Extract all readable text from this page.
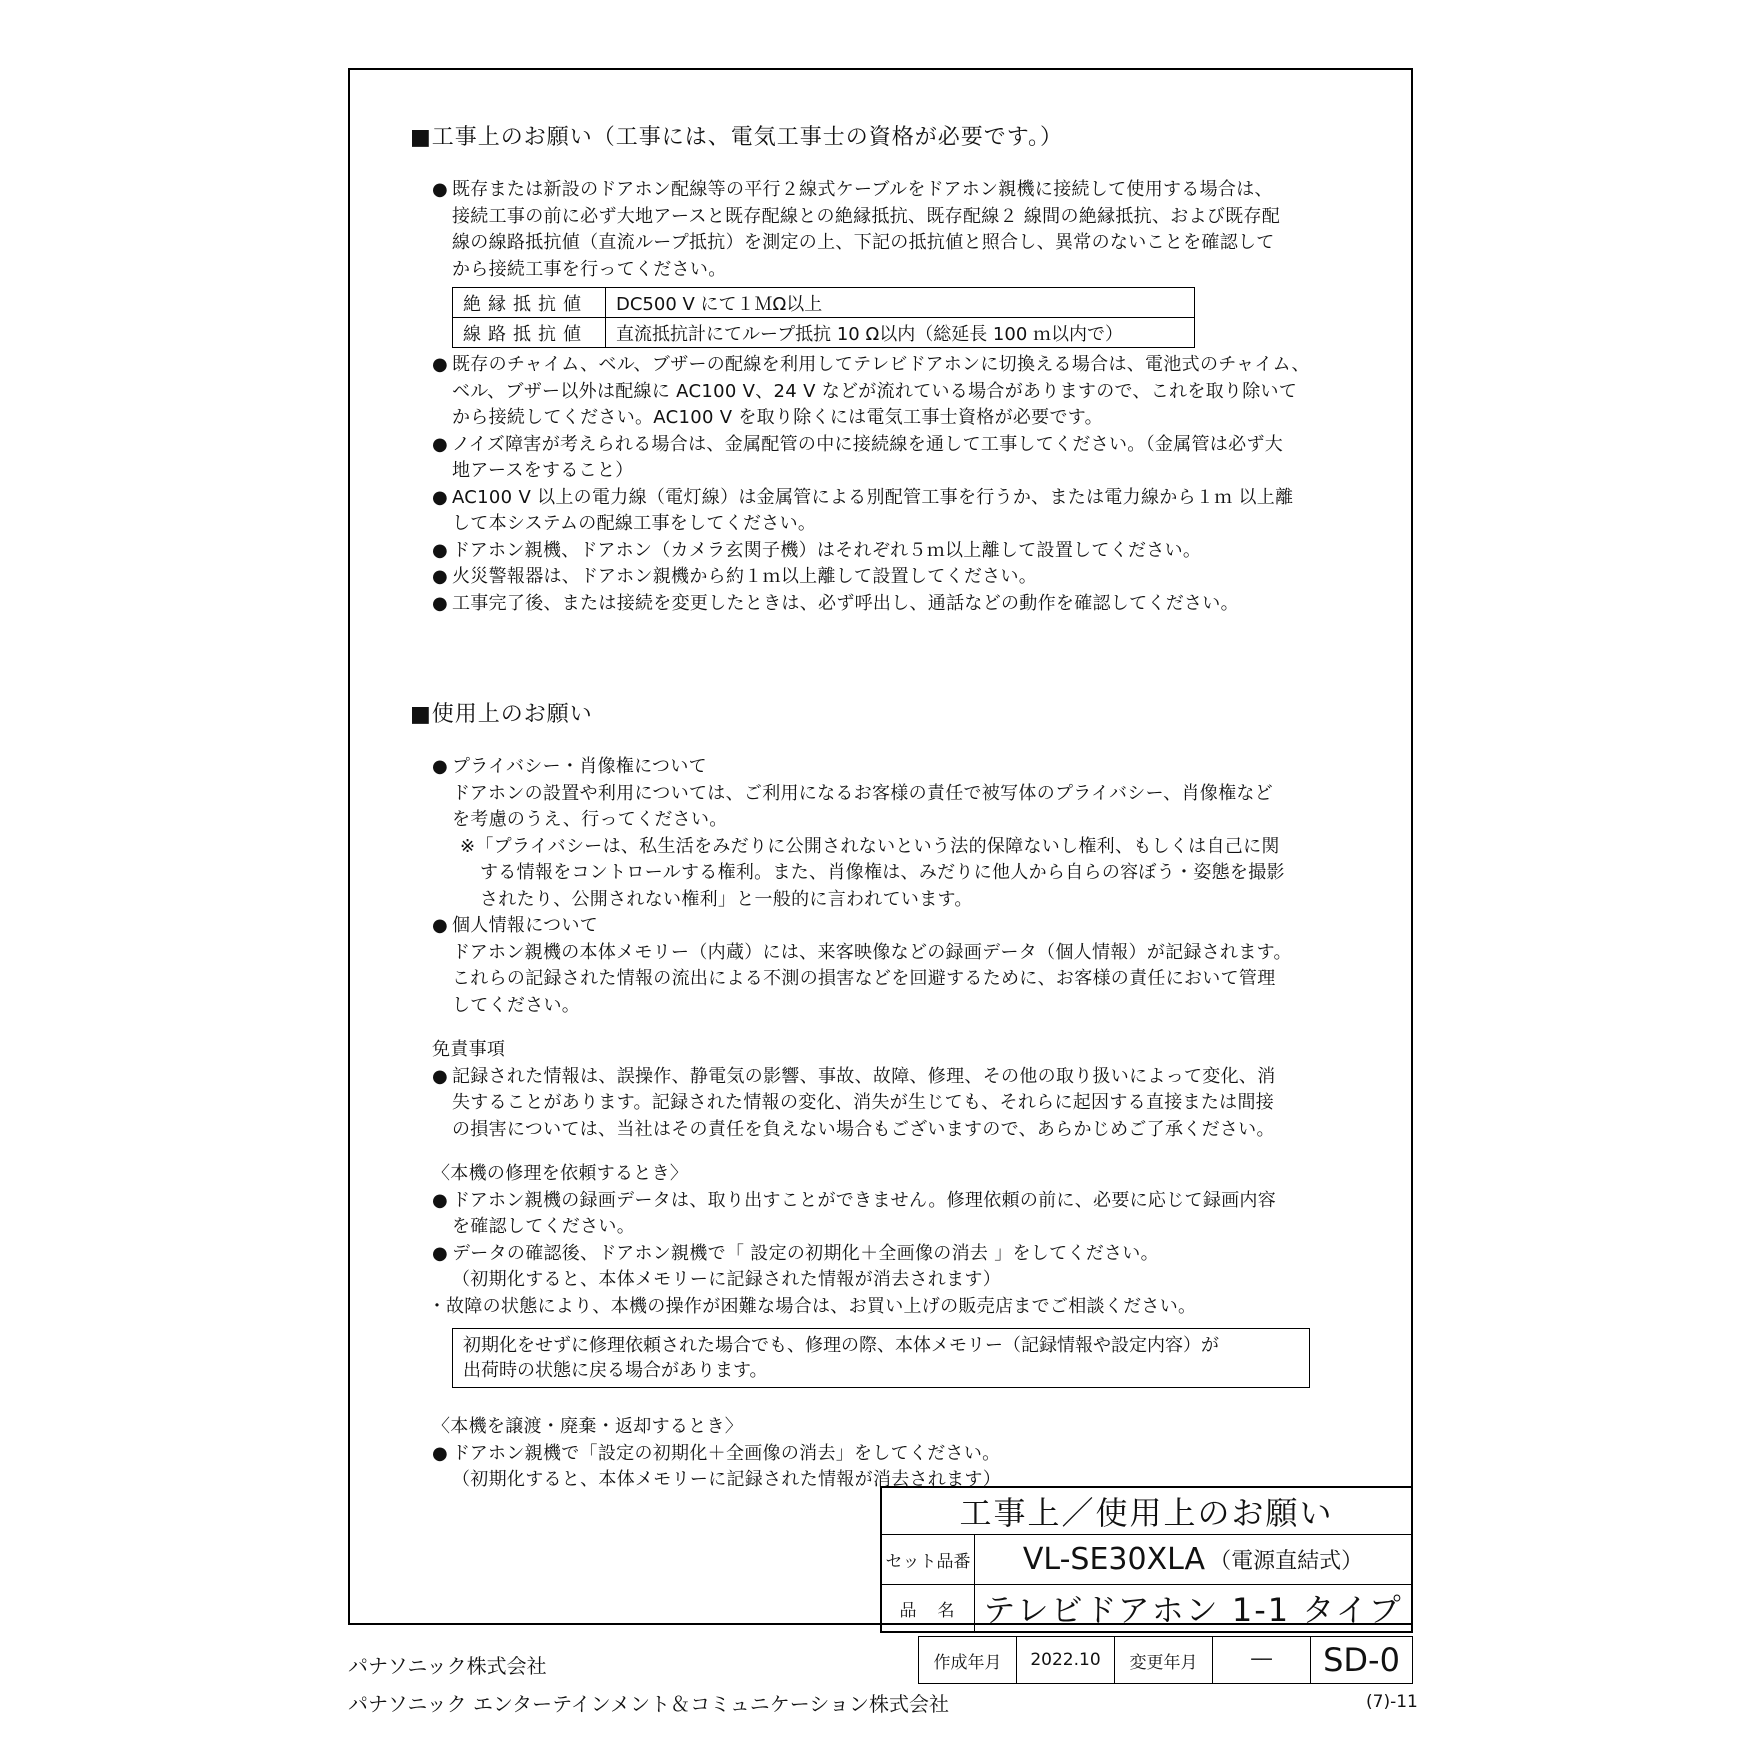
■工事上のお願い（工事には、電気工事士の資格が必要です。）
● 既存または新設のドアホン配線等の平行２線式ケーブルをドアホン親機に接続して使用する場合は、
接続工事の前に必ず大地アースと既存配線との絶縁抵抗、既存配線２ 線間の絶縁抵抗、および既存配
線の線路抵抗値（直流ループ抵抗）を測定の上、下記の抵抗値と照合し、異常のないことを確認して
から接続工事を行ってください。
絶縁抵抗値	DC500 V にて１ＭΩ以上
線路抵抗値	直流抵抗計にてループ抵抗 10 Ω以内（総延長 100 ｍ以内で）
● 既存のチャイム、ベル、ブザーの配線を利用してテレビドアホンに切換える場合は、電池式のチャイム、
ベル、ブザー以外は配線に AC100 V、24 V などが流れている場合がありますので、これを取り除いて
から接続してください。AC100 V を取り除くには電気工事士資格が必要です。
● ノイズ障害が考えられる場合は、金属配管の中に接続線を通して工事してください。（金属管は必ず大
地アースをすること）
● AC100 V 以上の電力線（電灯線）は金属管による別配管工事を行うか、または電力線から１ｍ 以上離
して本システムの配線工事をしてください。
● ドアホン親機、ドアホン（カメラ玄関子機）はそれぞれ５ｍ以上離して設置してください。
● 火災警報器は、ドアホン親機から約１ｍ以上離して設置してください。
● 工事完了後、または接続を変更したときは、必ず呼出し、通話などの動作を確認してください。
■使用上のお願い
● プライバシー・肖像権について
ドアホンの設置や利用については、ご利用になるお客様の責任で被写体のプライバシー、肖像権など
を考慮のうえ、行ってください。
※「プライバシーは、私生活をみだりに公開されないという法的保障ないし権利、もしくは自己に関
する情報をコントロールする権利。また、肖像権は、みだりに他人から自らの容ぼう・姿態を撮影
されたり、公開されない権利」と一般的に言われています。
● 個人情報について
ドアホン親機の本体メモリー（内蔵）には、来客映像などの録画データ（個人情報）が記録されます。
これらの記録された情報の流出による不測の損害などを回避するために、お客様の責任において管理
してください。
免責事項
● 記録された情報は、誤操作、静電気の影響、事故、故障、修理、その他の取り扱いによって変化、消
失することがあります。記録された情報の変化、消失が生じても、それらに起因する直接または間接
の損害については、当社はその責任を負えない場合もございますので、あらかじめご了承ください。
〈本機の修理を依頼するとき〉
● ドアホン親機の録画データは、取り出すことができません。修理依頼の前に、必要に応じて録画内容
を確認してください。
● データの確認後、ドアホン親機で「 設定の初期化＋全画像の消去 」をしてください。
（初期化すると、本体メモリーに記録された情報が消去されます）
・ 故障の状態により、本機の操作が困難な場合は、お買い上げの販売店までご相談ください。
初期化をせずに修理依頼された場合でも、修理の際、本体メモリー（記録情報や設定内容）が
出荷時の状態に戻る場合があります。
〈本機を譲渡・廃棄・返却するとき〉
● ドアホン親機で「設定の初期化＋全画像の消去」をしてください。
（初期化すると、本体メモリーに記録された情報が消去されます）
工事上／使用上のお願い
セット品番 VL-SE30XLA （電源直結式）
品　名 テレビドアホン 1-1 タイプ
作成年月	2022.10	変更年月	──	SD-0
パナソニック株式会社
パナソニック エンターテインメント＆コミュニケーション株式会社	(7)-11
